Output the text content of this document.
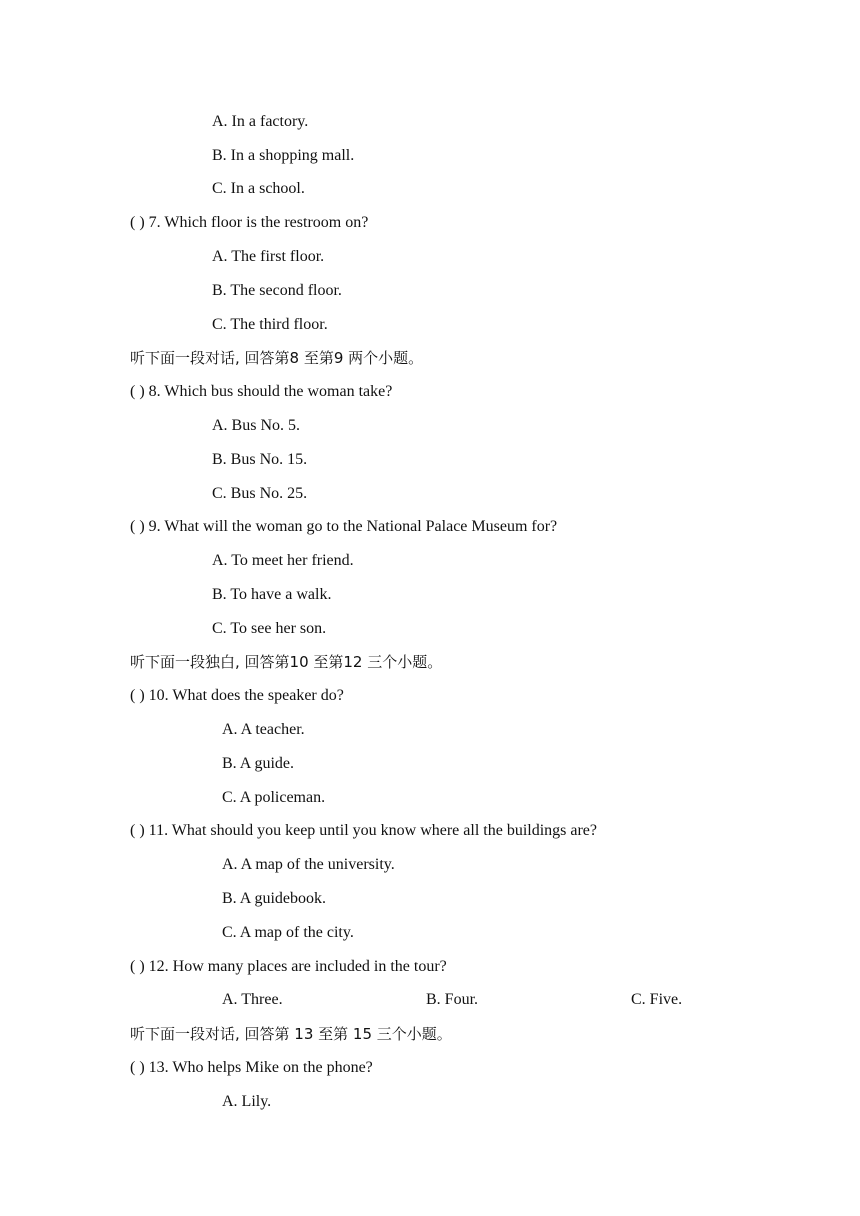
A. In a factory.
B. In a shopping mall.
C. In a school.
( ) 7. Which floor is the restroom on?
A. The first floor.
B. The second floor.
C. The third floor.
听下面一段对话, 回答第8 至第9 两个小题。
( ) 8. Which bus should the woman take?
A. Bus No. 5.
B. Bus No. 15.
C. Bus No. 25.
( ) 9. What will the woman go to the National Palace Museum for?
A. To meet her friend.
B. To have a walk.
C. To see her son.
听下面一段独白, 回答第10 至第12 三个小题。
( ) 10. What does the speaker do?
A. A teacher.
B. A guide.
C. A policeman.
( ) 11. What should you keep until you know where all the buildings are?
A. A map of the university.
B. A guidebook.
C. A map of the city.
( ) 12. How many places are included in the tour?
A. Three.	B. Four.	C. Five.
听下面一段对话, 回答第 13 至第 15 三个小题。
( ) 13. Who helps Mike on the phone?
A. Lily.
